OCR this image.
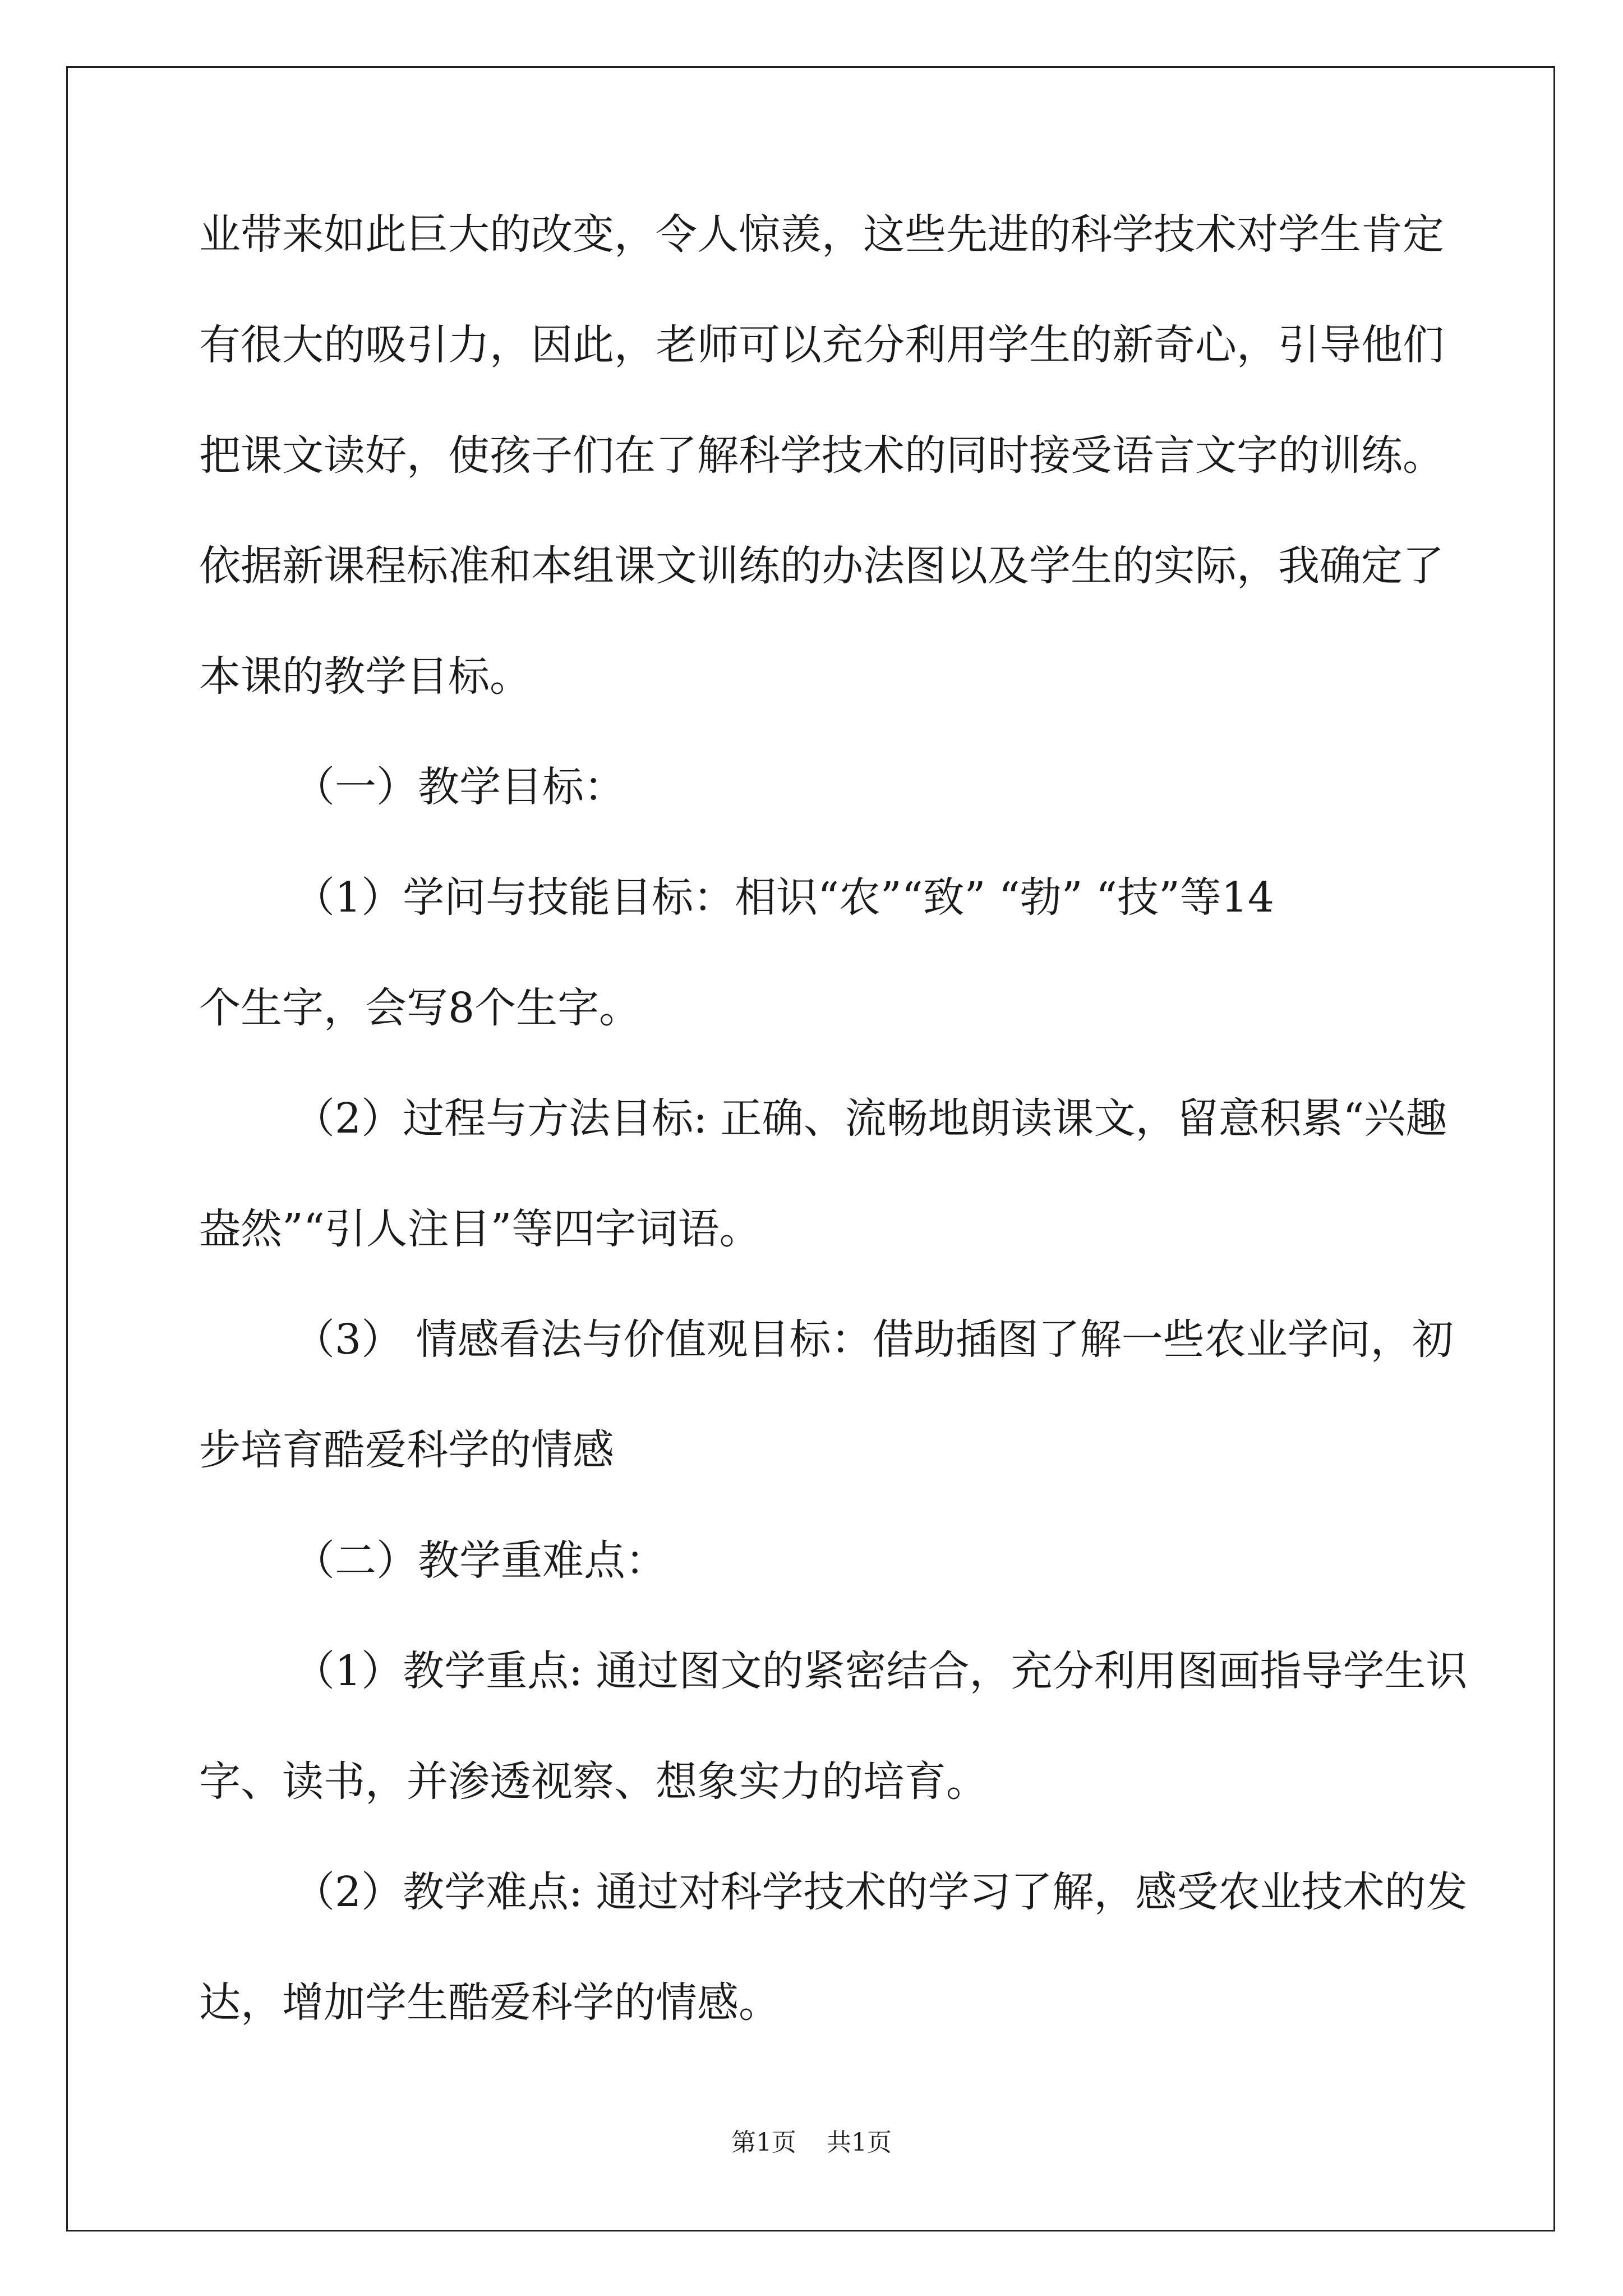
业带来如此巨大的改变，令人惊羡，这些先进的科学技术对学生肯定

有很大的吸引力，因此，老师可以充分利用学生的新奇心，引导他们

把课文读好，使孩子们在了解科学技术的同时接受语言文字的训练。

依据新课程标准和本组课文训练的办法图以及学生的实际，我确定了

本课的教学目标。

（一）教学目标：

（1）学问与技能目标：相识“农”“致” “勃” “技”等14

个生字，会写8个生字。

（2）过程与方法目标: 正确、流畅地朗读课文，留意积累“兴趣

盎然”“引人注目”等四字词语。

（3） 情感看法与价值观目标：借助插图了解一些农业学问，初

步培育酷爱科学的情感

（二）教学重难点：

（1）教学重点: 通过图文的紧密结合，充分利用图画指导学生识

字、读书，并渗透视察、想象实力的培育。

（2）教学难点: 通过对科学技术的学习了解，感受农业技术的发

达，增加学生酷爱科学的情感。

第1页 共1页
